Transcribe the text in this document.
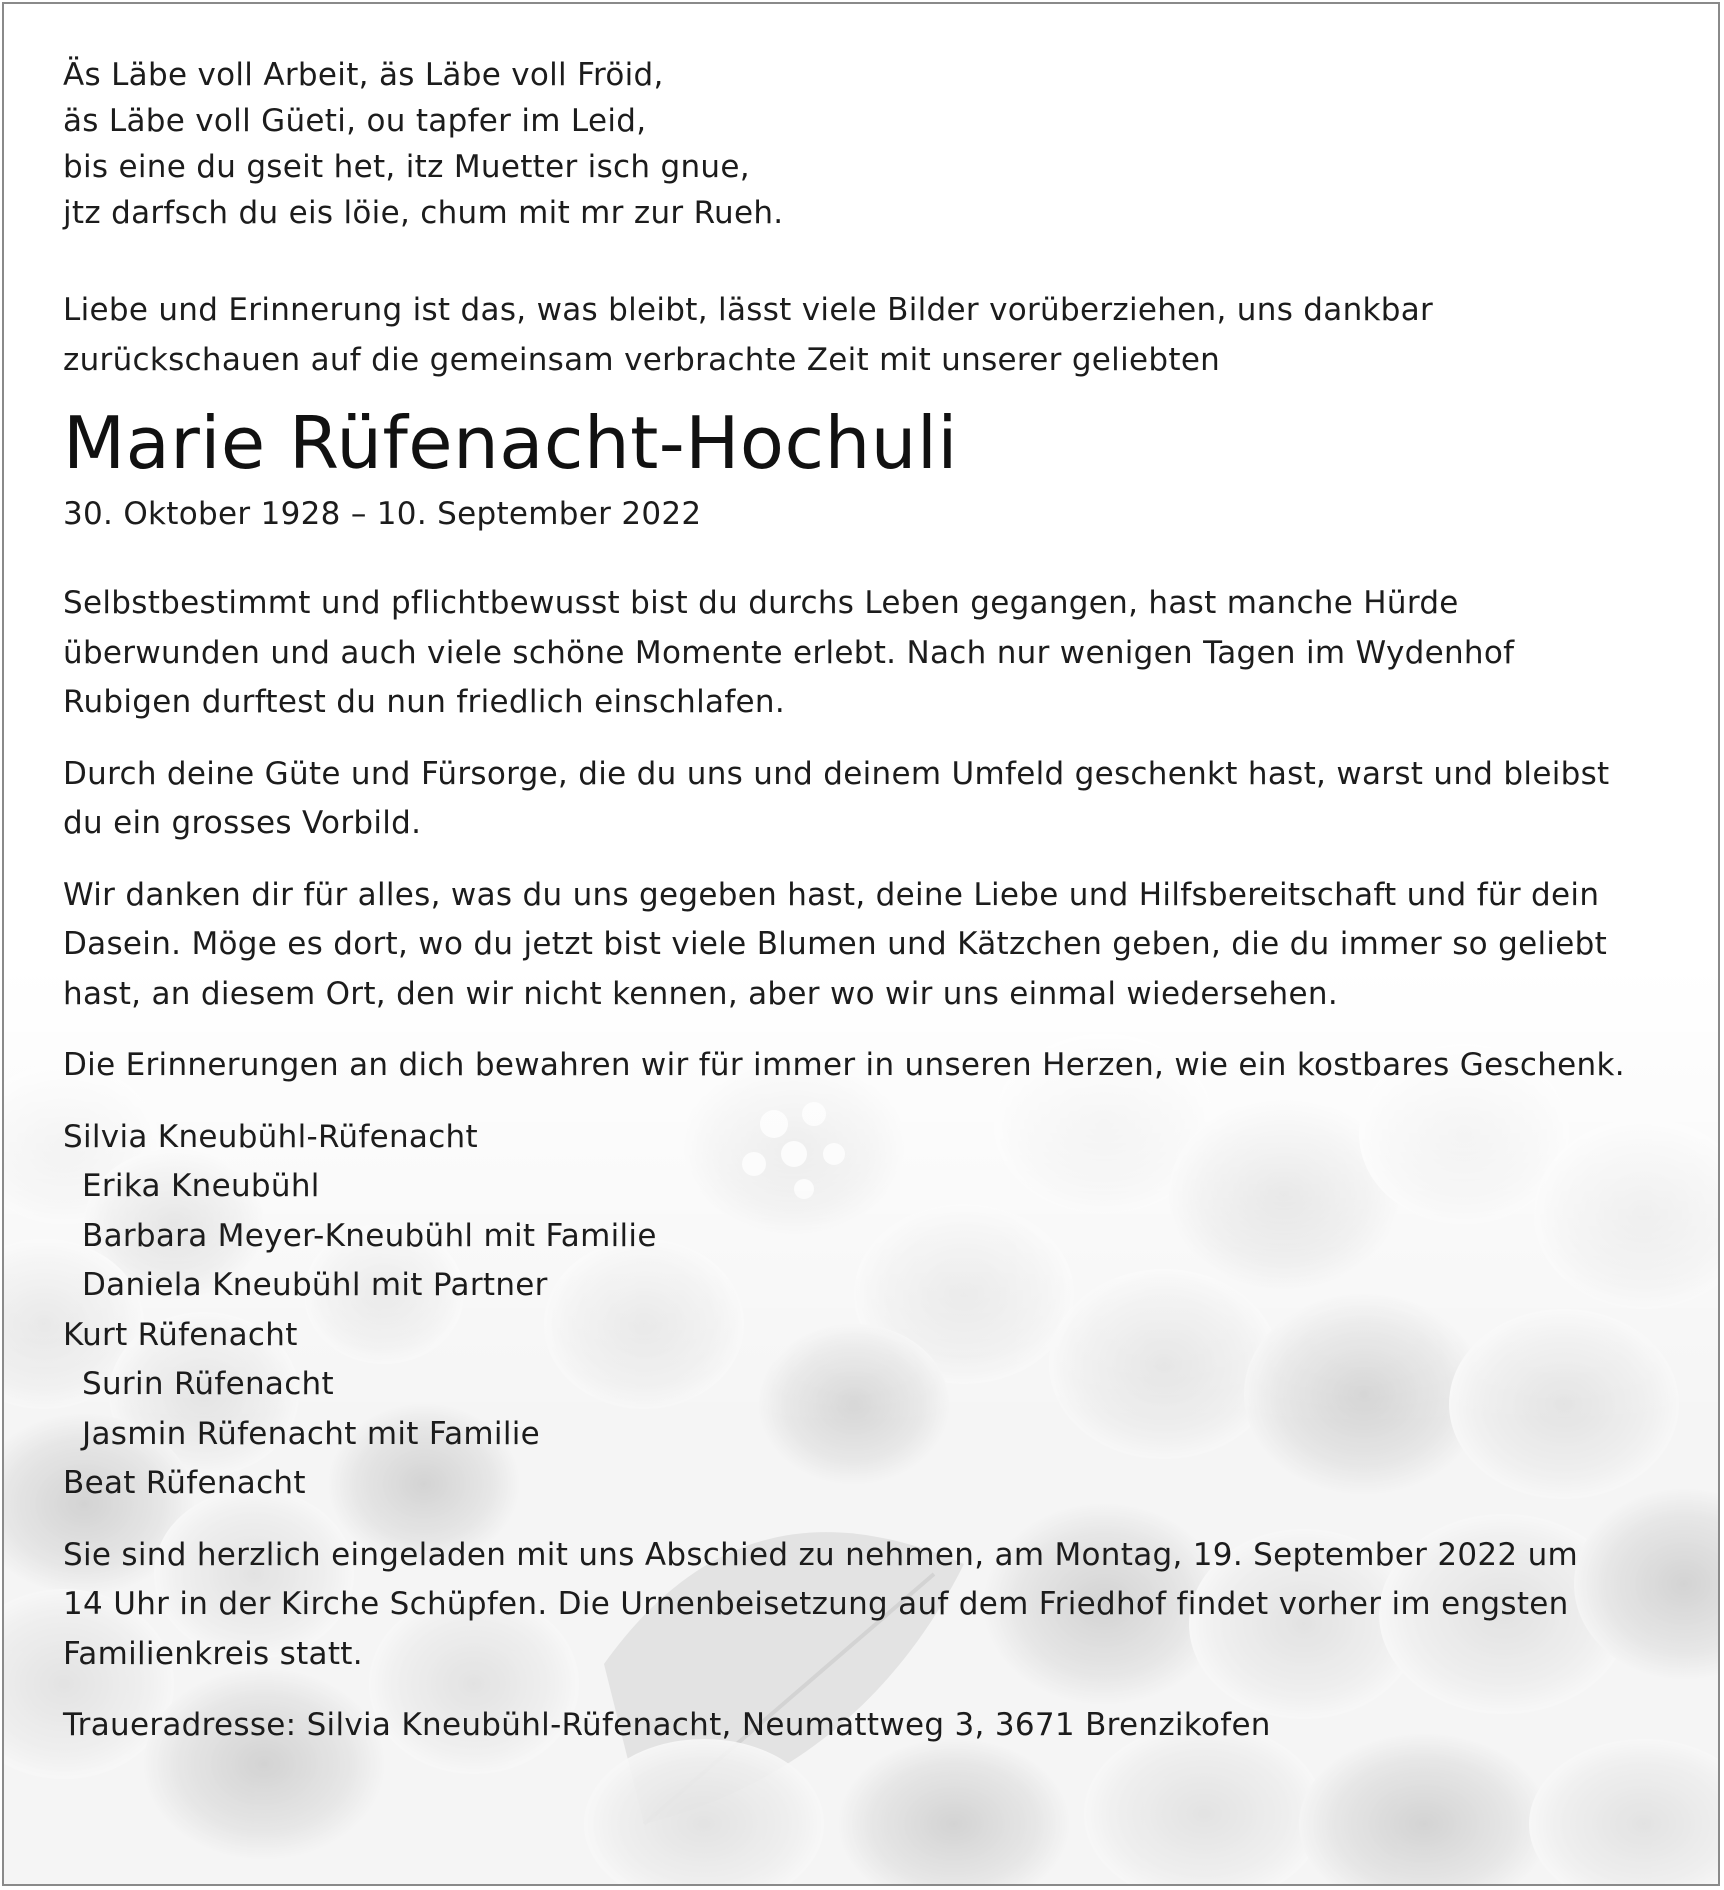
Äs Läbe voll Arbeit, äs Läbe voll Fröid,
äs Läbe voll Güeti, ou tapfer im Leid,
bis eine du gseit het, itz Muetter isch gnue,
jtz darfsch du eis löie, chum mit mr zur Rueh.
Liebe und Erinnerung ist das, was bleibt, lässt viele Bilder vorüberziehen, uns dankbar
zurückschauen auf die gemeinsam verbrachte Zeit mit unserer geliebten
Marie Rüfenacht-Hochuli
30. Oktober 1928 – 10. September 2022
Selbstbestimmt und pflichtbewusst bist du durchs Leben gegangen, hast manche Hürde
überwunden und auch viele schöne Momente erlebt. Nach nur wenigen Tagen im Wydenhof
Rubigen durftest du nun friedlich einschlafen.
Durch deine Güte und Fürsorge, die du uns und deinem Umfeld geschenkt hast, warst und bleibst
du ein grosses Vorbild.
Wir danken dir für alles, was du uns gegeben hast, deine Liebe und Hilfsbereitschaft und für dein
Dasein. Möge es dort, wo du jetzt bist viele Blumen und Kätzchen geben, die du immer so geliebt
hast, an diesem Ort, den wir nicht kennen, aber wo wir uns einmal wiedersehen.
Die Erinnerungen an dich bewahren wir für immer in unseren Herzen, wie ein kostbares Geschenk.
Silvia Kneubühl-Rüfenacht
Erika Kneubühl
Barbara Meyer-Kneubühl mit Familie
Daniela Kneubühl mit Partner
Kurt Rüfenacht
Surin Rüfenacht
Jasmin Rüfenacht mit Familie
Beat Rüfenacht
Sie sind herzlich eingeladen mit uns Abschied zu nehmen, am Montag, 19. September 2022 um
14 Uhr in der Kirche Schüpfen. Die Urnenbeisetzung auf dem Friedhof findet vorher im engsten
Familienkreis statt.
Traueradresse: Silvia Kneubühl-Rüfenacht, Neumattweg 3, 3671 Brenzikofen
